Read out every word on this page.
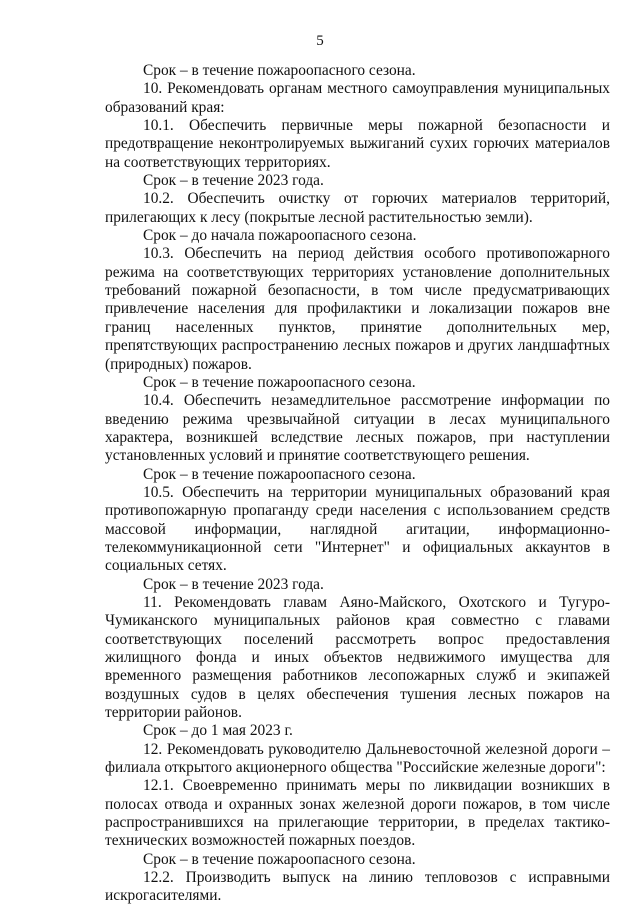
5

Срок – в течение пожароопасного сезона.

10. Рекомендовать органам местного самоуправления муниципальных образований края:

10.1. Обеспечить первичные меры пожарной безопасности и предотвращение неконтролируемых выжиганий сухих горючих материалов на соответствующих территориях.

Срок – в течение 2023 года.

10.2. Обеспечить очистку от горючих материалов территорий, прилегающих к лесу (покрытые лесной растительностью земли).

Срок – до начала пожароопасного сезона.

10.3. Обеспечить на период действия особого противопожарного режима на соответствующих территориях установление дополнительных требований пожарной безопасности, в том числе предусматривающих привлечение населения для профилактики и локализации пожаров вне границ населенных пунктов, принятие дополнительных мер, препятствующих распространению лесных пожаров и других ландшафтных (природных) пожаров.

Срок – в течение пожароопасного сезона.

10.4. Обеспечить незамедлительное рассмотрение информации по введению режима чрезвычайной ситуации в лесах муниципального характера, возникшей вследствие лесных пожаров, при наступлении установленных условий и принятие соответствующего решения.

Срок – в течение пожароопасного сезона.

10.5. Обеспечить на территории муниципальных образований края противопожарную пропаганду среди населения с использованием средств массовой информации, наглядной агитации, информационно-телекоммуникационной сети "Интернет" и официальных аккаунтов в социальных сетях.

Срок – в течение 2023 года.

11. Рекомендовать главам Аяно-Майского, Охотского и Тугуро-Чумиканского муниципальных районов края совместно с главами соответствующих поселений рассмотреть вопрос предоставления жилищного фонда и иных объектов недвижимого имущества для временного размещения работников лесопожарных служб и экипажей воздушных судов в целях обеспечения тушения лесных пожаров на территории районов.

Срок – до 1 мая 2023 г.

12. Рекомендовать руководителю Дальневосточной железной дороги – филиала открытого акционерного общества "Российские железные дороги":

12.1. Своевременно принимать меры по ликвидации возникших в полосах отвода и охранных зонах железной дороги пожаров, в том числе распространившихся на прилегающие территории, в пределах тактико-технических возможностей пожарных поездов.

Срок – в течение пожароопасного сезона.

12.2. Производить выпуск на линию тепловозов с исправными искрогасителями.
